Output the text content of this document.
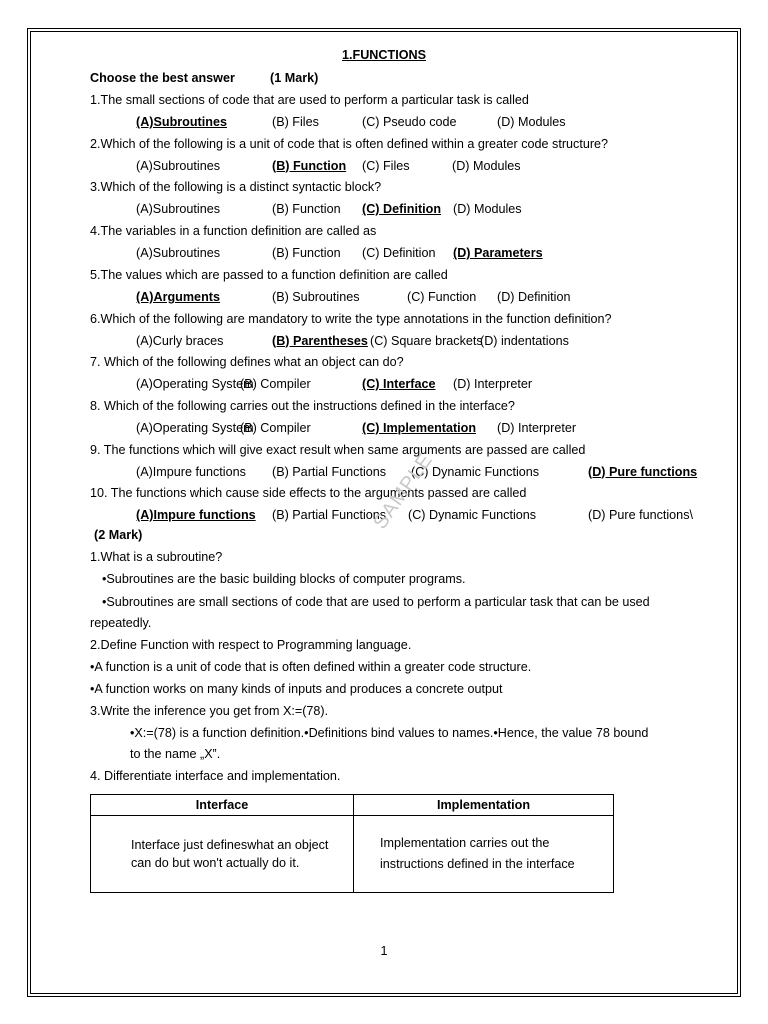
1.FUNCTIONS
Choose the best answer	(1 Mark)
1.The small sections of code that are used to perform a particular task is called
(A)Subroutines	(B) Files	(C) Pseudo code	(D) Modules
2.Which of the following is a unit of code that is often defined within a greater code structure?
(A)Subroutines	(B) Function (C) Files	(D) Modules
3.Which of the following is a distinct syntactic block?
(A)Subroutines	(B) Function (C) Definition (D) Modules
4.The variables in a function definition are called as
(A)Subroutines	(B) Function (C) Definition (D) Parameters
5.The values which are passed to a function definition are called
(A)Arguments	(B) Subroutines	(C) Function (D) Definition
6.Which of the following are mandatory to write the type annotations in the function definition?
(A)Curly braces	(B) Parentheses (C) Square brackets
(D) indentations
7. Which of the following defines what an object can do?
(A)Operating System
(B) Compiler	(C) Interface (D) Interpreter
8. Which of the following carries out the instructions defined in the interface?
(A)Operating System
(B) Compiler	(C) Implementation (D) Interpreter
9. The functions which will give exact result when same arguments are passed are called
(A)Impure functions (B) Partial Functions (C) Dynamic Functions	(D) Pure functions
10. The functions which cause side effects to the arguments passed are called
(A)Impure functions (B) Partial Functions (C) Dynamic Functions	(D) Pure functions\
(2 Mark)
1.What is a subroutine?
•Subroutines are the basic building blocks of computer programs.
•Subroutines are small sections of code that are used to perform a particular task that can be used
repeatedly.
2.Define Function with respect to Programming language.
•A function is a unit of code that is often defined within a greater code structure.
•A function works on many kinds of inputs and produces a concrete output
3.Write the inference you get from X:=(78).
•X:=(78) is a function definition.•Definitions bind values to names.•Hence, the value 78 bound
to the name „X‟.
4. Differentiate interface and implementation.
Interface	Implementation
Interface just defineswhat an object can do but won't actually do it.	Implementation carries out the instructions defined in the interface
SAMPLE
1
